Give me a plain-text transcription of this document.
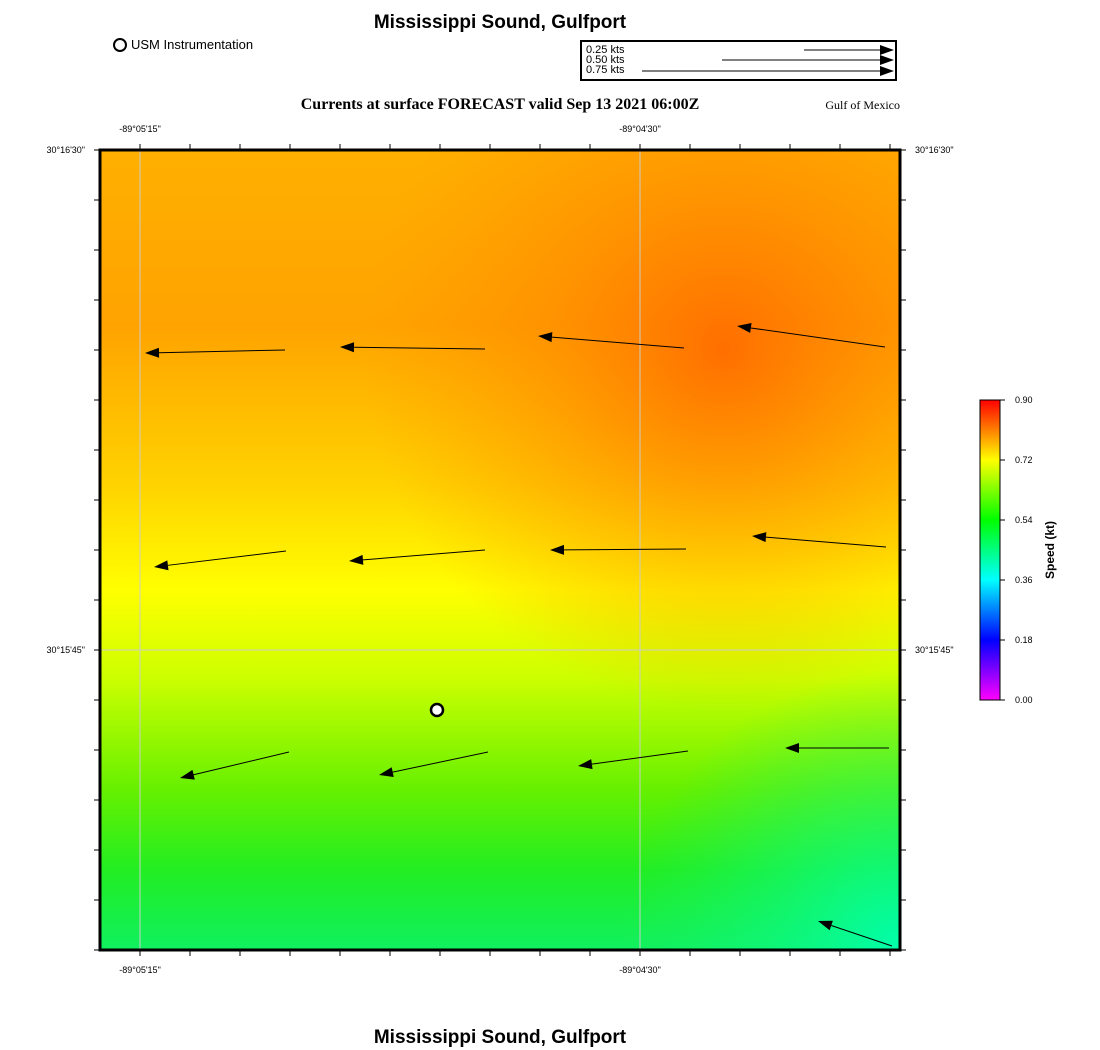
Mississippi Sound, Gulfport
USM Instrumentation	0.25 kts
0.50 kts
0.75 kts
Currents at surface FORECAST valid Sep 13 2021 06:00Z	Gulf of Mexico
-89°05'15"	-89°04'30"
-89°05'15"	-89°04'30"
30°16'30"
30°15'45"
30°16'30"
30°15'45"
0.90
0.72
0.54
0.36
0.18
0.00
Speed (kt)
Mississippi Sound, Gulfport
